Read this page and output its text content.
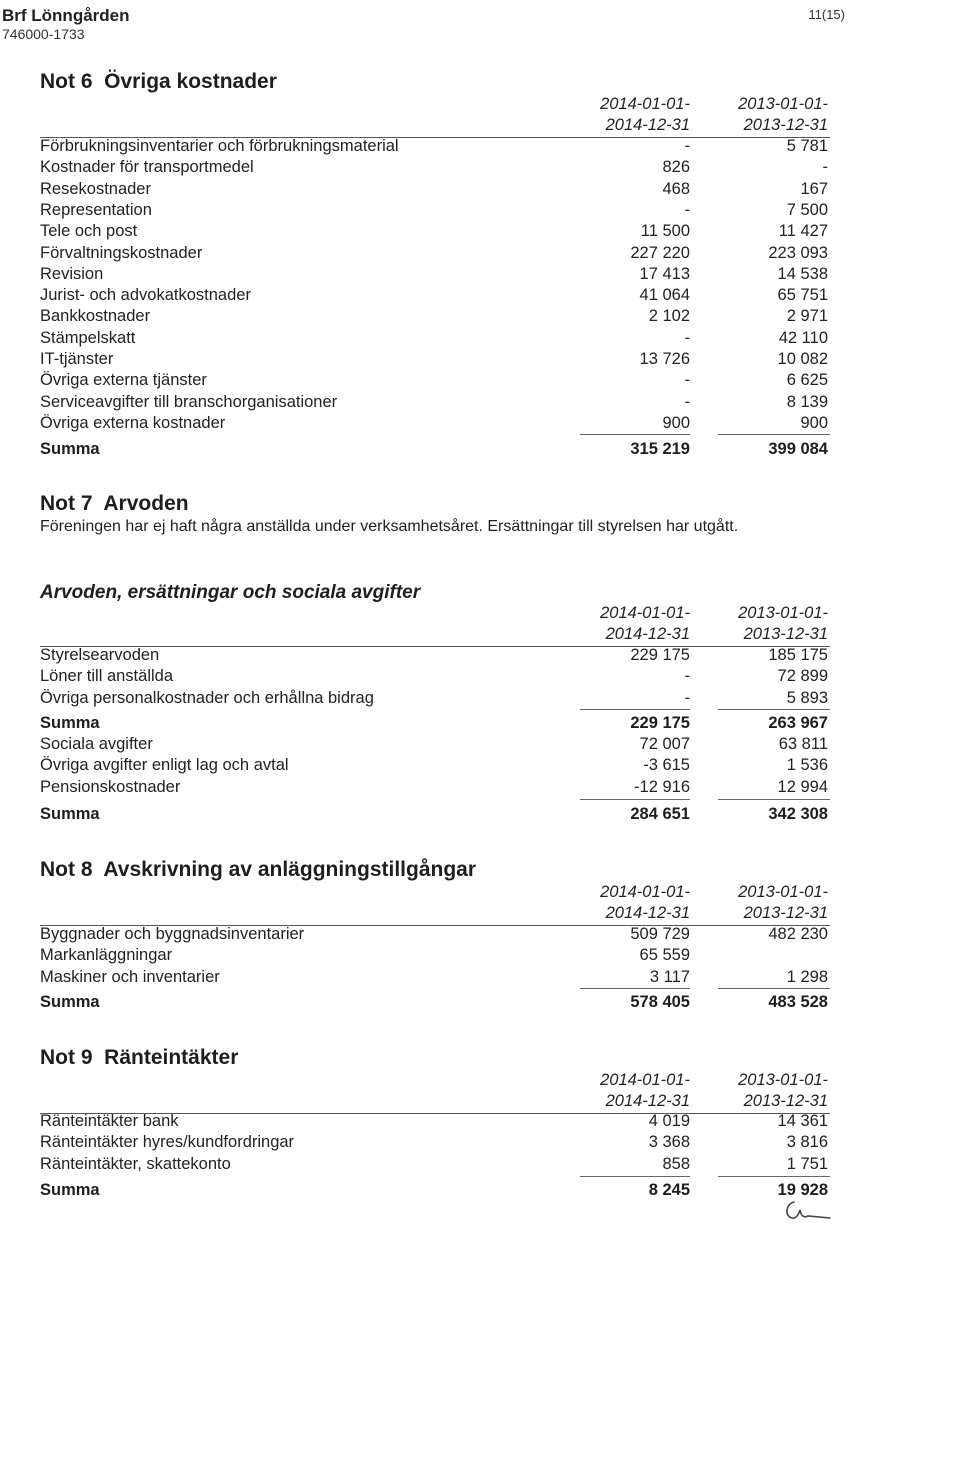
Brf Lönngården
746000-1733
11(15)
Not 6 Övriga kostnader
2014-01-01-
2014-12-31
2013-01-01-
2013-12-31
Förbrukningsinventarier och förbrukningsmaterial	-	5 781
Kostnader för transportmedel	826	-
Resekostnader	468	167
Representation	-	7 500
Tele och post	11 500	11 427
Förvaltningskostnader	227 220	223 093
Revision	17 413	14 538
Jurist- och advokatkostnader	41 064	65 751
Bankkostnader	2 102	2 971
Stämpelskatt	-	42 110
IT-tjänster	13 726	10 082
Övriga externa tjänster	-	6 625
Serviceavgifter till branschorganisationer	-	8 139
Övriga externa kostnader	900	900
Summa	315 219	399 084
Not 7 Arvoden
Föreningen har ej haft några anställda under verksamhetsåret. Ersättningar till styrelsen har utgått.
Arvoden, ersättningar och sociala avgifter
2014-01-01-
2014-12-31
2013-01-01-
2013-12-31
Styrelsearvoden	229 175	185 175
Löner till anställda	-	72 899
Övriga personalkostnader och erhållna bidrag	-	5 893
Summa	229 175	263 967
Sociala avgifter	72 007	63 811
Övriga avgifter enligt lag och avtal	-3 615	1 536
Pensionskostnader	-12 916	12 994
Summa	284 651	342 308
Not 8 Avskrivning av anläggningstillgångar
2014-01-01-
2014-12-31
2013-01-01-
2013-12-31
Byggnader och byggnadsinventarier	509 729	482 230
Markanläggningar	65 559
Maskiner och inventarier	3 117	1 298
Summa	578 405	483 528
Not 9 Ränteintäkter
2014-01-01-
2014-12-31
2013-01-01-
2013-12-31
Ränteintäkter bank	4 019	14 361
Ränteintäkter hyres/kundfordringar	3 368	3 816
Ränteintäkter, skattekonto	858	1 751
Summa	8 245	19 928
